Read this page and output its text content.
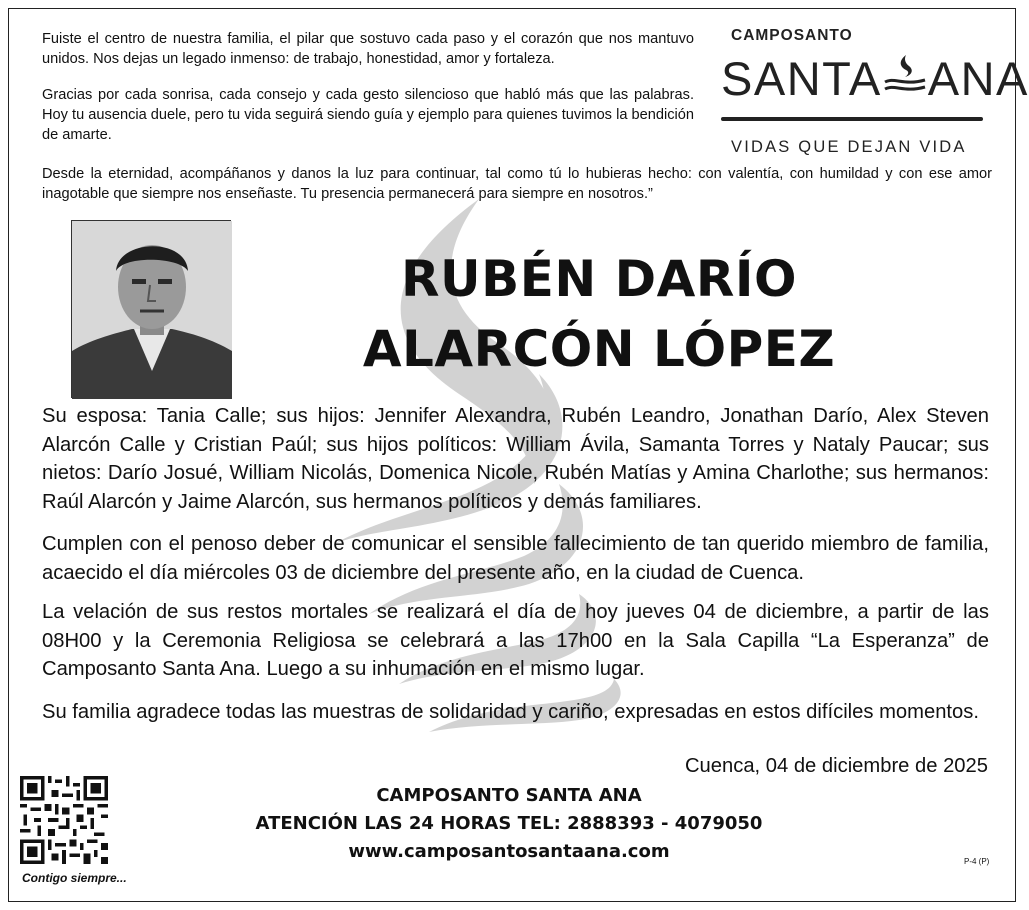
Fuiste el centro de nuestra familia, el pilar que sostuvo cada paso y el corazón que nos mantuvo unidos. Nos dejas un legado inmenso: de trabajo, honestidad, amor y fortaleza.

Gracias por cada sonrisa, cada consejo y cada gesto silencioso que habló más que las palabras. Hoy tu ausencia duele, pero tu vida seguirá siendo guía y ejemplo para quienes tuvimos la bendición de amarte.

Desde la eternidad, acompáñanos y danos la luz para continuar, tal como tú lo hubieras hecho: con valentía, con humildad y con ese amor inagotable que siempre nos enseñaste. Tu presencia permanecerá para siempre en nosotros.”

CAMPOSANTO
SANTA ANA
VIDAS QUE DEJAN VIDA
RUBÉN DARÍO
ALARCÓN LÓPEZ

Su esposa: Tania Calle; sus hijos: Jennifer Alexandra, Rubén Leandro, Jonathan Darío, Alex Steven Alarcón Calle y Cristian Paúl; sus hijos políticos: William Ávila, Samanta Torres y Nataly Paucar; sus nietos: Darío Josué, William Nicolás, Domenica Nicole, Rubén Matías y Amina Charlothe; sus hermanos: Raúl Alarcón y Jaime Alarcón, sus hermanos políticos y demás familiares.

Cumplen con el penoso deber de comunicar el sensible fallecimiento de tan querido miembro de familia, acaecido el día miércoles 03 de diciembre del presente año, en la ciudad de Cuenca.

La velación de sus restos mortales se realizará el día de hoy jueves 04 de diciembre, a partir de las 08H00 y la Ceremonia Religiosa se celebrará a las 17h00 en la Sala Capilla “La Esperanza” de Camposanto Santa Ana. Luego a su inhumación en el mismo lugar.

Su familia agradece todas las muestras de solidaridad y cariño, expresadas en estos difíciles momentos.

Cuenca, 04 de diciembre de 2025
CAMPOSANTO SANTA ANA
ATENCIÓN LAS 24 HORAS TEL: 2888393 - 4079050
www.camposantosantaana.com
Contigo siempre...
P-4 (P)
